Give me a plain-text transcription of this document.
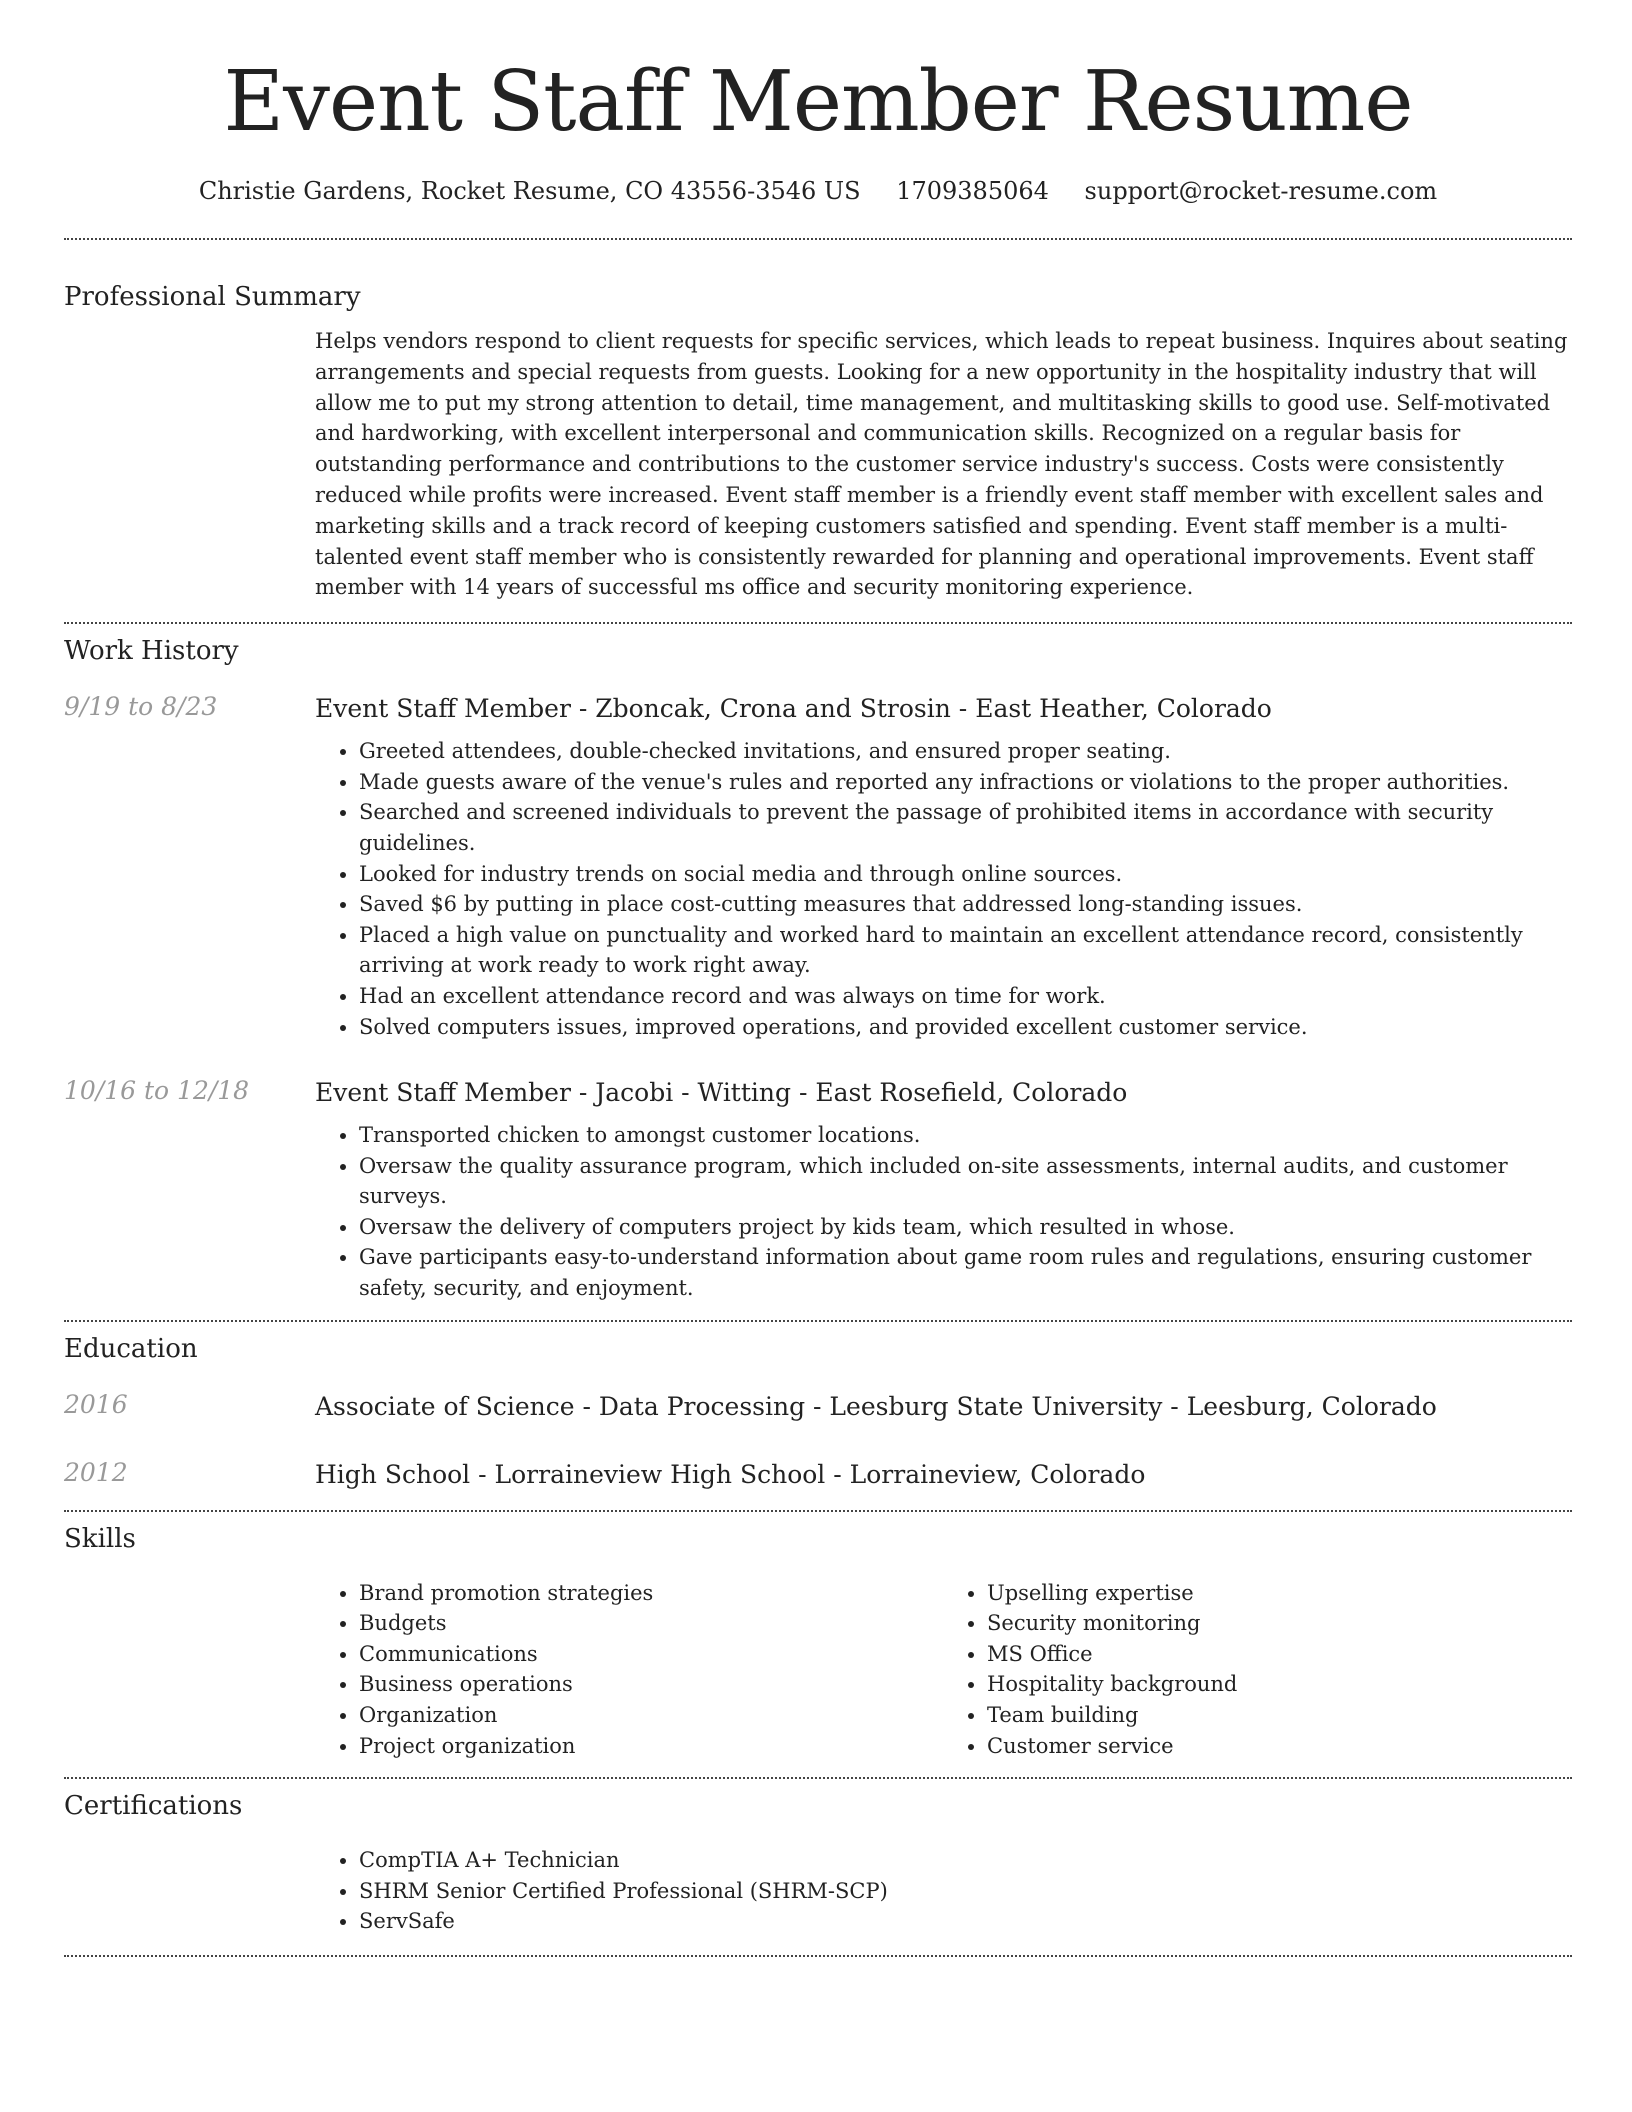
Event Staff Member Resume
Christie Gardens, Rocket Resume, CO 43556-3546 US 1709385064 support@rocket-resume.com
Professional Summary
Helps vendors respond to client requests for specific services, which leads to repeat business. Inquires about seating arrangements and special requests from guests. Looking for a new opportunity in the hospitality industry that will allow me to put my strong attention to detail, time management, and multitasking skills to good use. Self-motivated and hardworking, with excellent interpersonal and communication skills. Recognized on a regular basis for outstanding performance and contributions to the customer service industry's success. Costs were consistently reduced while profits were increased. Event staff member is a friendly event staff member with excellent sales and marketing skills and a track record of keeping customers satisfied and spending. Event staff member is a multi-talented event staff member who is consistently rewarded for planning and operational improvements. Event staff member with 14 years of successful ms office and security monitoring experience.
Work History
9/19 to 8/23	Event Staff Member - Zboncak, Crona and Strosin - East Heather, Colorado
• Greeted attendees, double-checked invitations, and ensured proper seating.
• Made guests aware of the venue's rules and reported any infractions or violations to the proper authorities.
• Searched and screened individuals to prevent the passage of prohibited items in accordance with security guidelines.
• Looked for industry trends on social media and through online sources.
• Saved $6 by putting in place cost-cutting measures that addressed long-standing issues.
• Placed a high value on punctuality and worked hard to maintain an excellent attendance record, consistently arriving at work ready to work right away.
• Had an excellent attendance record and was always on time for work.
• Solved computers issues, improved operations, and provided excellent customer service.
10/16 to 12/18	Event Staff Member - Jacobi - Witting - East Rosefield, Colorado
• Transported chicken to amongst customer locations.
• Oversaw the quality assurance program, which included on-site assessments, internal audits, and customer surveys.
• Oversaw the delivery of computers project by kids team, which resulted in whose.
• Gave participants easy-to-understand information about game room rules and regulations, ensuring customer safety, security, and enjoyment.
Education
2016	Associate of Science - Data Processing - Leesburg State University - Leesburg, Colorado
2012	High School - Lorraineview High School - Lorraineview, Colorado
Skills
• Brand promotion strategies
• Budgets
• Communications
• Business operations
• Organization
• Project organization
• Upselling expertise
• Security monitoring
• MS Office
• Hospitality background
• Team building
• Customer service
Certifications
• CompTIA A+ Technician
• SHRM Senior Certified Professional (SHRM-SCP)
• ServSafe
